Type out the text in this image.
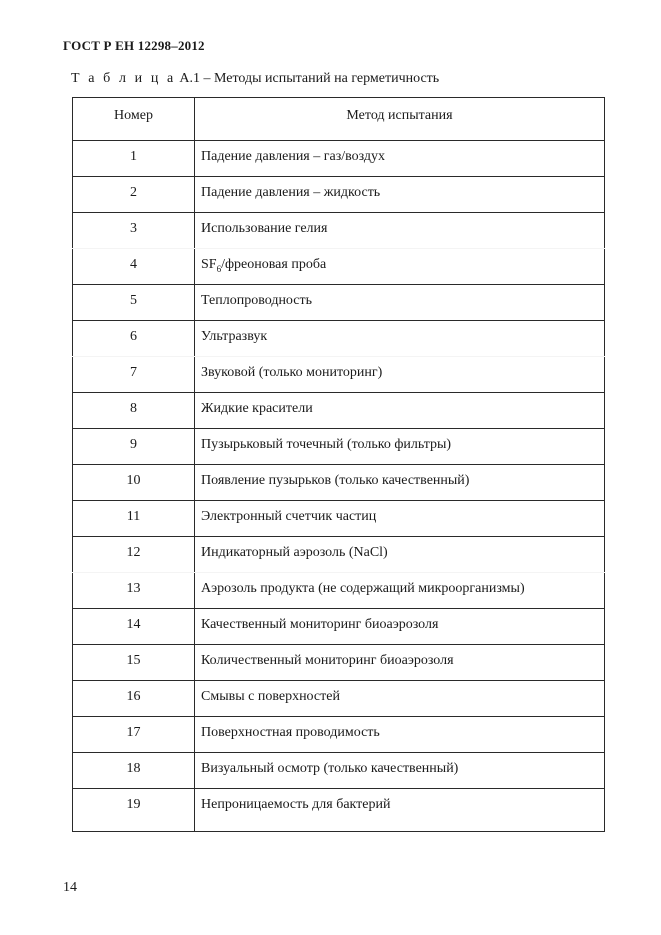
ГОСТ Р ЕН 12298–2012
Т а б л и ц а А.1 – Методы испытаний на герметичность
Номер	Метод испытания
1	Падение давления – газ/воздух
2	Падение давления – жидкость
3	Использование гелия
4	$SF_6$/фреоновая проба
5	Теплопроводность
6	Ультразвук
7	Звуковой (только мониторинг)
8	Жидкие красители
9	Пузырьковый точечный (только фильтры)
10	Появление пузырьков (только качественный)
11	Электронный счетчик частиц
12	Индикаторный аэрозоль (NaCl)
13	Аэрозоль продукта (не содержащий микроорганизмы)
14	Качественный мониторинг биоаэрозоля
15	Количественный мониторинг биоаэрозоля
16	Смывы с поверхностей
17	Поверхностная проводимость
18	Визуальный осмотр (только качественный)
19	Непроницаемость для бактерий
14
